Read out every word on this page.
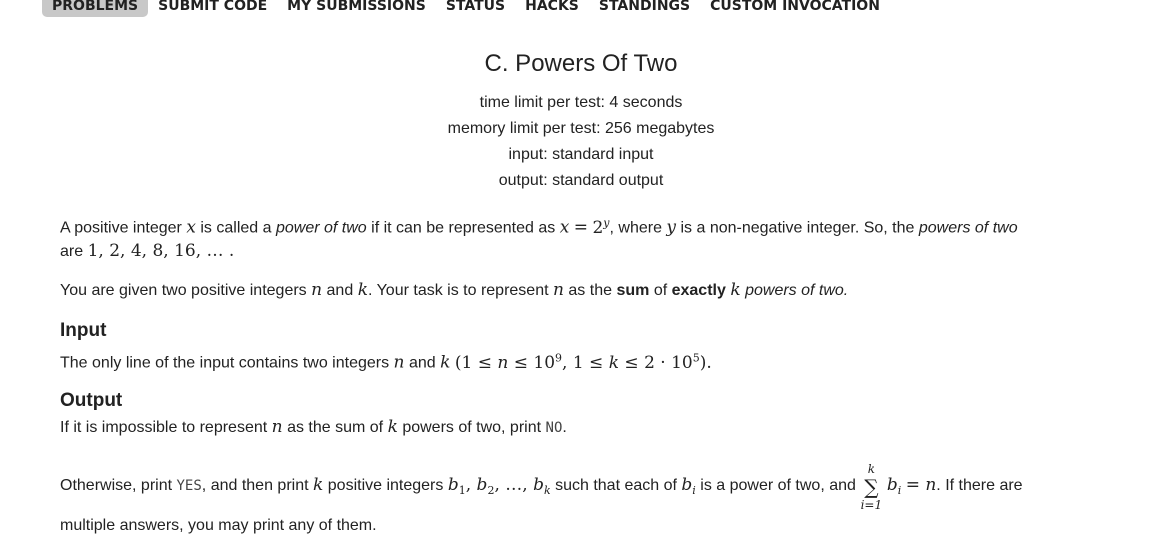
PROBLEMS	SUBMIT CODE	MY SUBMISSIONS	STATUS	HACKS	STANDINGS	CUSTOM INVOCATION
C. Powers Of Two
time limit per test: 4 seconds
memory limit per test: 256 megabytes
input: standard input
output: standard output
A positive integer x is called a power of two if it can be represented as $x = 2^y$, where y is a non-negative integer. So, the powers of two
are 1, 2, 4, 8, 16, … .
You are given two positive integers n and k. Your task is to represent n as the sum of exactly k powers of two.
Input
The only line of the input contains two integers n and k ($1 \le n \le 10^9$, $1 \le k \le 2 \cdot 10^5$).
Output
If it is impossible to represent n as the sum of k powers of two, print NO.
Otherwise, print YES, and then print k positive integers $b_1$, $b_2$, …, $b_k$ such that each of $b_i$ is a power of two, and
k
∑
i=1
$b_i = n$. If there are
multiple answers, you may print any of them.
